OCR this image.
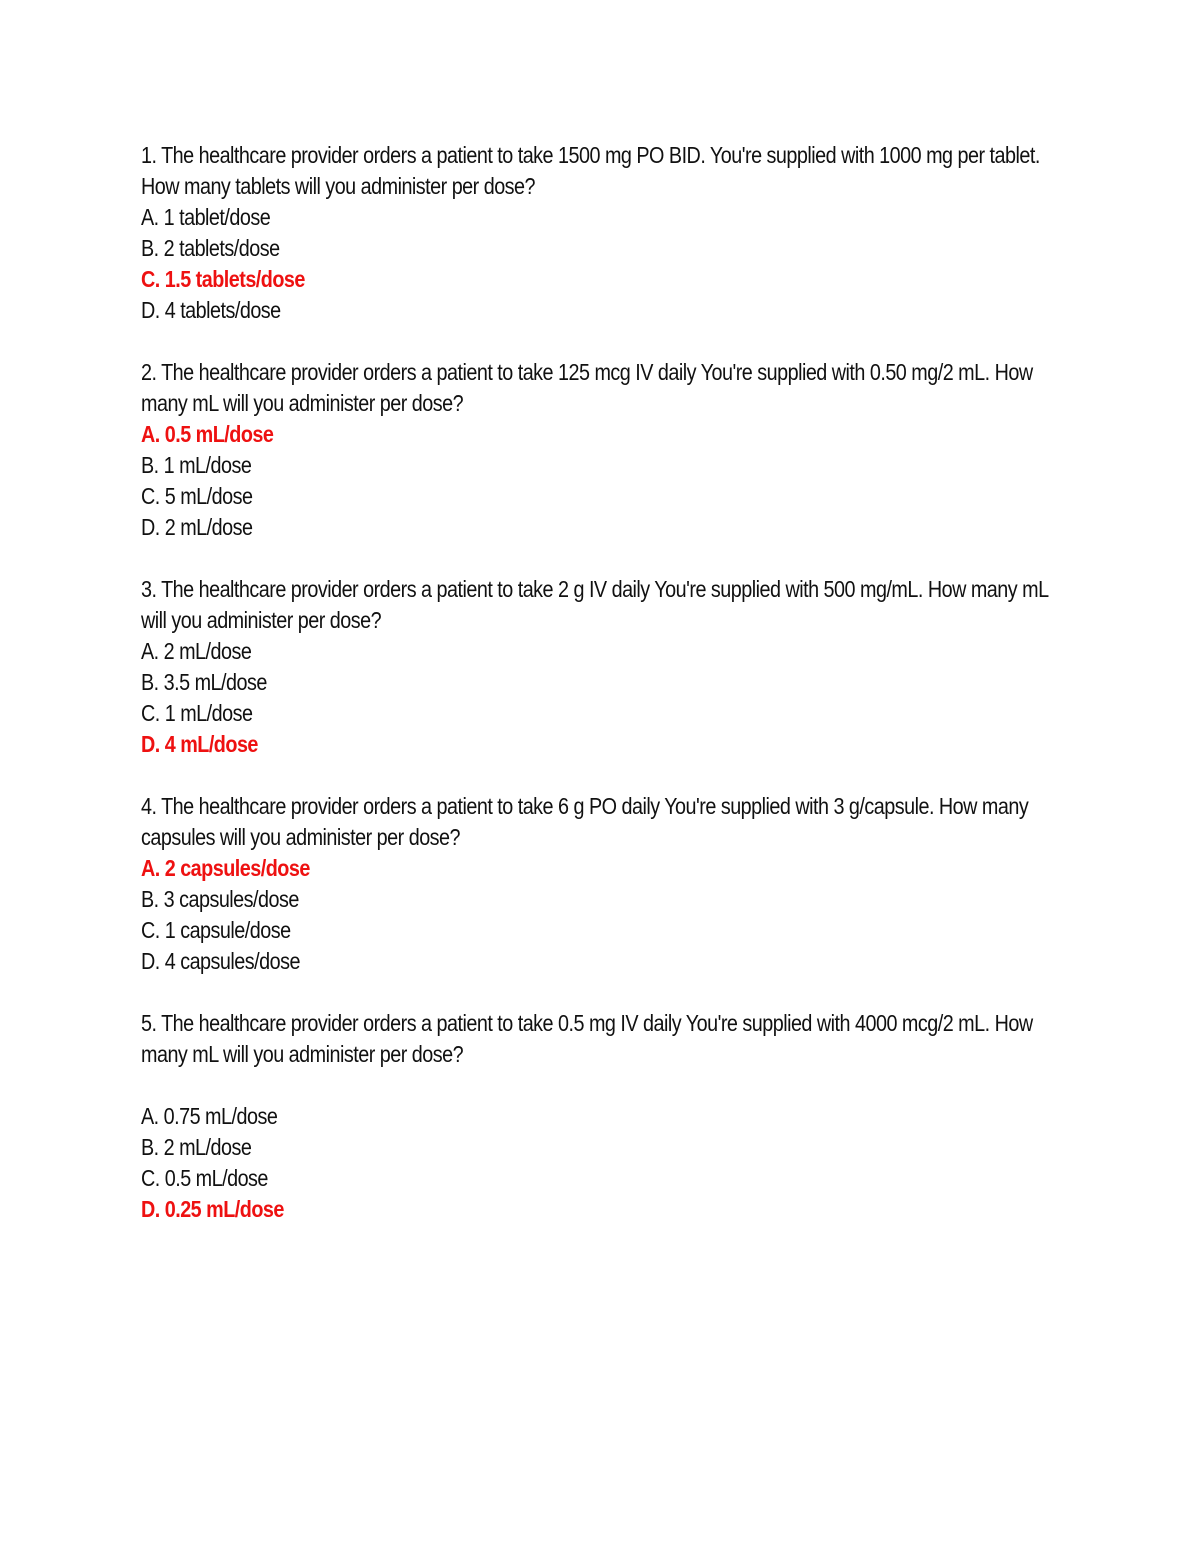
1. The healthcare provider orders a patient to take 1500 mg PO BID. You're supplied with 1000 mg per tablet. How many tablets will you administer per dose?
A. 1 tablet/dose
B. 2 tablets/dose
C. 1.5 tablets/dose
D. 4 tablets/dose
2. The healthcare provider orders a patient to take 125 mcg IV daily You're supplied with 0.50 mg/2 mL. How many mL will you administer per dose?
A. 0.5 mL/dose
B. 1 mL/dose
C. 5 mL/dose
D. 2 mL/dose
3. The healthcare provider orders a patient to take 2 g IV daily You're supplied with 500 mg/mL. How many mL will you administer per dose?
A. 2 mL/dose
B. 3.5 mL/dose
C. 1 mL/dose
D. 4 mL/dose
4. The healthcare provider orders a patient to take 6 g PO daily You're supplied with 3 g/capsule. How many capsules will you administer per dose?
A. 2 capsules/dose
B. 3 capsules/dose
C. 1 capsule/dose
D. 4 capsules/dose
5. The healthcare provider orders a patient to take 0.5 mg IV daily You're supplied with 4000 mcg/2 mL. How many mL will you administer per dose?
A. 0.75 mL/dose
B. 2 mL/dose
C. 0.5 mL/dose
D. 0.25 mL/dose
